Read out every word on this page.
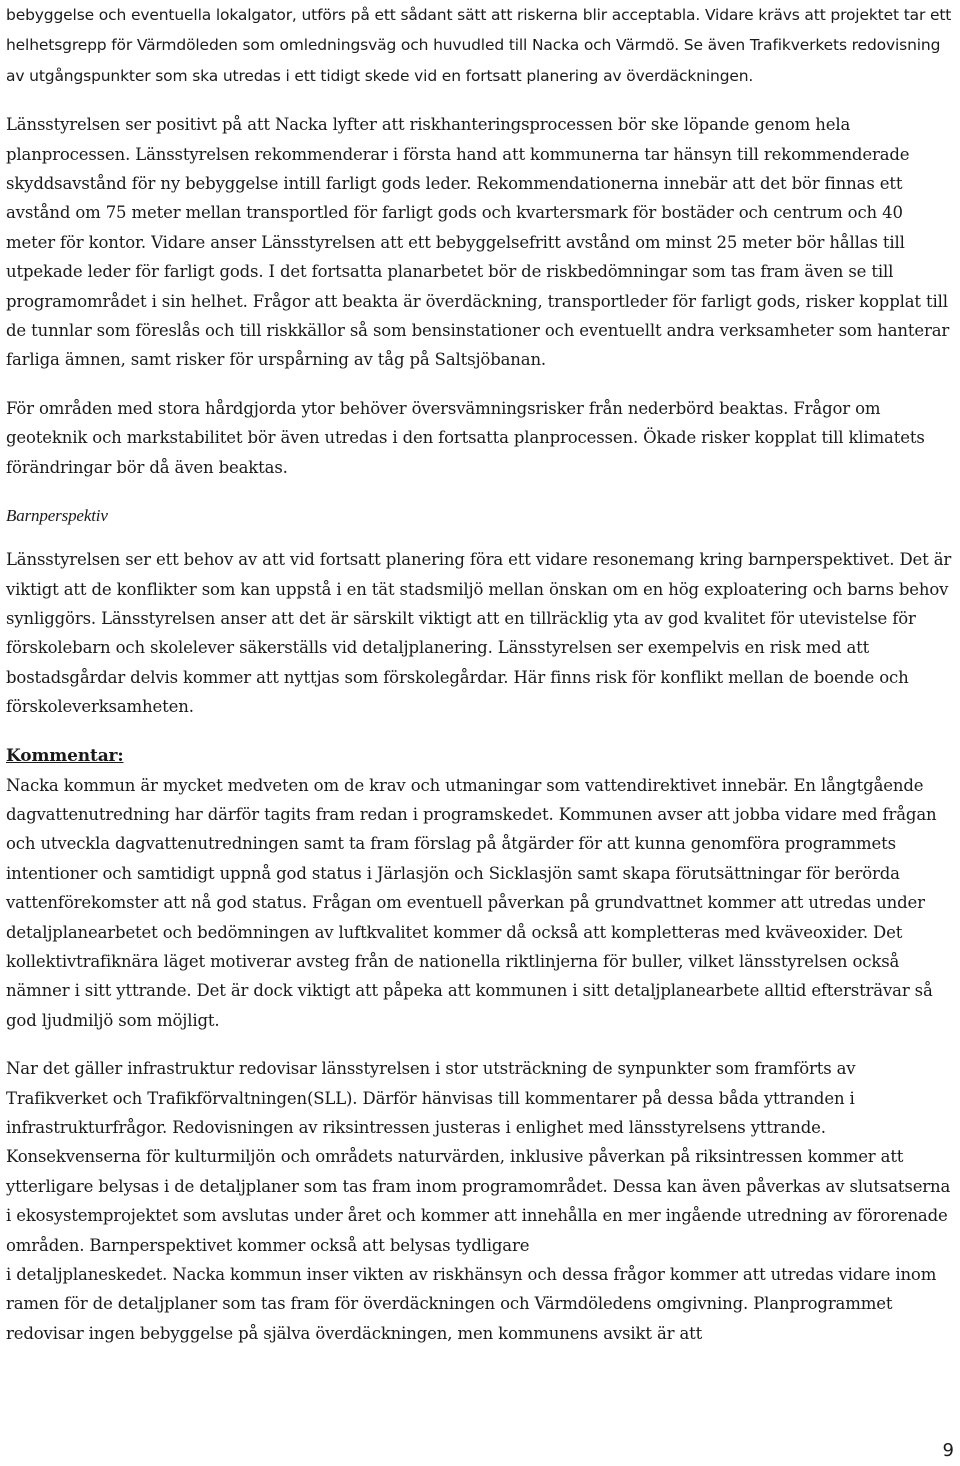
bebyggelse och eventuella lokalgator, utförs på ett sådant sätt att riskerna blir acceptabla. Vidare krävs att projektet tar ett helhetsgrepp för Värmdöleden som omledningsväg och huvudled till Nacka och Värmdö. Se även Trafikverkets redovisning av utgångspunkter som ska utredas i ett tidigt skede vid en fortsatt planering av överdäckningen.

Länsstyrelsen ser positivt på att Nacka lyfter att riskhanteringsprocessen bör ske löpande genom hela planprocessen. Länsstyrelsen rekommenderar i första hand att kommunerna tar hänsyn till rekommenderade skyddsavstånd för ny bebyggelse intill farligt gods leder. Rekommendationerna innebär att det bör finnas ett avstånd om 75 meter mellan transportled för farligt gods och kvartersmark för bostäder och centrum och 40 meter för kontor. Vidare anser Länsstyrelsen att ett bebyggelsefritt avstånd om minst 25 meter bör hållas till utpekade leder för farligt gods. I det fortsatta planarbetet bör de riskbedömningar som tas fram även se till programområdet i sin helhet. Frågor att beakta är överdäckning, transportleder för farligt gods, risker kopplat till de tunnlar som föreslås och till riskkällor så som bensinstationer och eventuellt andra verksamheter som hanterar farliga ämnen, samt risker för urspårning av tåg på Saltsjöbanan.

För områden med stora hårdgjorda ytor behöver översvämningsrisker från nederbörd beaktas. Frågor om geoteknik och markstabilitet bör även utredas i den fortsatta planprocessen. Ökade risker kopplat till klimatets förändringar bör då även beaktas.

Barnperspektiv

Länsstyrelsen ser ett behov av att vid fortsatt planering föra ett vidare resonemang kring barnperspektivet. Det är viktigt att de konflikter som kan uppstå i en tät stadsmiljö mellan önskan om en hög exploatering och barns behov synliggörs. Länsstyrelsen anser att det är särskilt viktigt att en tillräcklig yta av god kvalitet för utevistelse för förskolebarn och skolelever säkerställs vid detaljplanering. Länsstyrelsen ser exempelvis en risk med att bostadsgårdar delvis kommer att nyttjas som förskolegårdar. Här finns risk för konflikt mellan de boende och förskoleverksamheten.

Kommentar:

Nacka kommun är mycket medveten om de krav och utmaningar som vattendirektivet innebär. En långtgående dagvattenutredning har därför tagits fram redan i programskedet. Kommunen avser att jobba vidare med frågan och utveckla dagvattenutredningen samt ta fram förslag på åtgärder för att kunna genomföra programmets intentioner och samtidigt uppnå god status i Järlasjön och Sicklasjön samt skapa förutsättningar för berörda vattenförekomster att nå god status. Frågan om eventuell påverkan på grundvattnet kommer att utredas under detaljplanearbetet och bedömningen av luftkvalitet kommer då också att kompletteras med kväveoxider. Det kollektivtrafiknära läget motiverar avsteg från de nationella riktlinjerna för buller, vilket länsstyrelsen också nämner i sitt yttrande. Det är dock viktigt att påpeka att kommunen i sitt detaljplanearbete alltid eftersträvar så god ljudmiljö som möjligt.

Nar det gäller infrastruktur redovisar länsstyrelsen i stor utsträckning de synpunkter som framförts av Trafikverket och Trafikförvaltningen(SLL). Därför hänvisas till kommentarer på dessa båda yttranden i infrastrukturfrågor. Redovisningen av riksintressen justeras i enlighet med länsstyrelsens yttrande. Konsekvenserna för kulturmiljön och områdets naturvärden, inklusive påverkan på riksintressen kommer att ytterligare belysas i de detaljplaner som tas fram inom programområdet. Dessa kan även påverkas av slutsatserna i ekosystemprojektet som avslutas under året och kommer att innehålla en mer ingående utredning av förorenade områden. Barnperspektivet kommer också att belysas tydligare
i detaljplaneskedet. Nacka kommun inser vikten av riskhänsyn och dessa frågor kommer att utredas vidare inom ramen för de detaljplaner som tas fram för överdäckningen och Värmdöledens omgivning. Planprogrammet redovisar ingen bebyggelse på själva överdäckningen, men kommunens avsikt är att

9
